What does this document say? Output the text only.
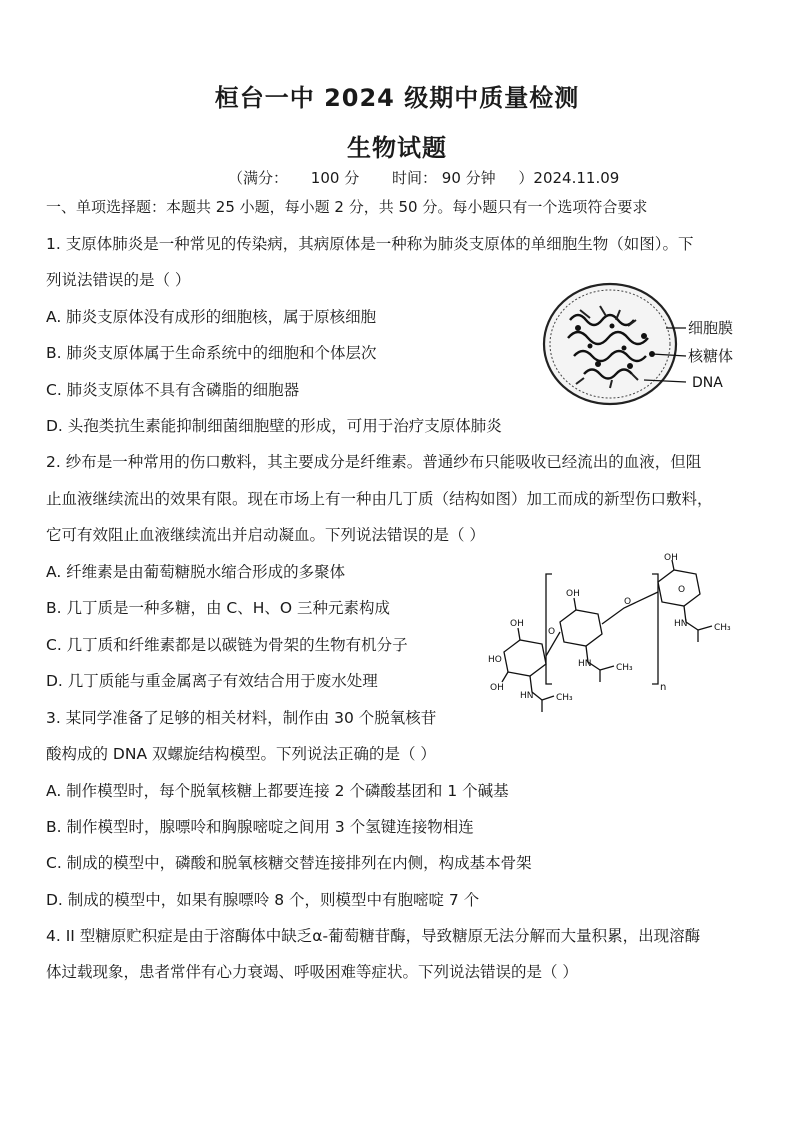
桓台一中 2024 级期中质量检测
生物试题
（满分： 100 分 时间： 90 分钟 ）2024.11.09
一、单项选择题：本题共 25 小题，每小题 2 分，共 50 分。每小题只有一个选项符合要求
1. 支原体肺炎是一种常见的传染病，其病原体是一种称为肺炎支原体的单细胞生物（如图）。下
列说法错误的是（ ）
A. 肺炎支原体没有成形的细胞核，属于原核细胞
B. 肺炎支原体属于生命系统中的细胞和个体层次
C. 肺炎支原体不具有含磷脂的细胞器
D. 头孢类抗生素能抑制细菌细胞壁的形成，可用于治疗支原体肺炎
细胞膜
核糖体
DNA
2. 纱布是一种常用的伤口敷料，其主要成分是纤维素。普通纱布只能吸收已经流出的血液，但阻
止血液继续流出的效果有限。现在市场上有一种由几丁质（结构如图）加工而成的新型伤口敷料，
它可有效阻止血液继续流出并启动凝血。下列说法错误的是（ ）
A. 纤维素是由葡萄糖脱水缩合形成的多聚体
B. 几丁质是一种多糖，由 C、H、O 三种元素构成
C. 几丁质和纤维素都是以碳链为骨架的生物有机分子
D. 几丁质能与重金属离子有效结合用于废水处理	n
OH
HO
OH
OH
OH
O
O
O
HN
HN
HN
CH₃
CH₃
CH₃
3. 某同学准备了足够的相关材料，制作由 30 个脱氧核苷
酸构成的 DNA 双螺旋结构模型。下列说法正确的是（ ）
A. 制作模型时，每个脱氧核糖上都要连接 2 个磷酸基团和 1 个碱基
B. 制作模型时，腺嘌呤和胸腺嘧啶之间用 3 个氢键连接物相连
C. 制成的模型中，磷酸和脱氧核糖交替连接排列在内侧，构成基本骨架
D. 制成的模型中，如果有腺嘌呤 8 个，则模型中有胞嘧啶 7 个
4. II 型糖原贮积症是由于溶酶体中缺乏α-葡萄糖苷酶，导致糖原无法分解而大量积累，出现溶酶
体过载现象，患者常伴有心力衰竭、呼吸困难等症状。下列说法错误的是（ ）
